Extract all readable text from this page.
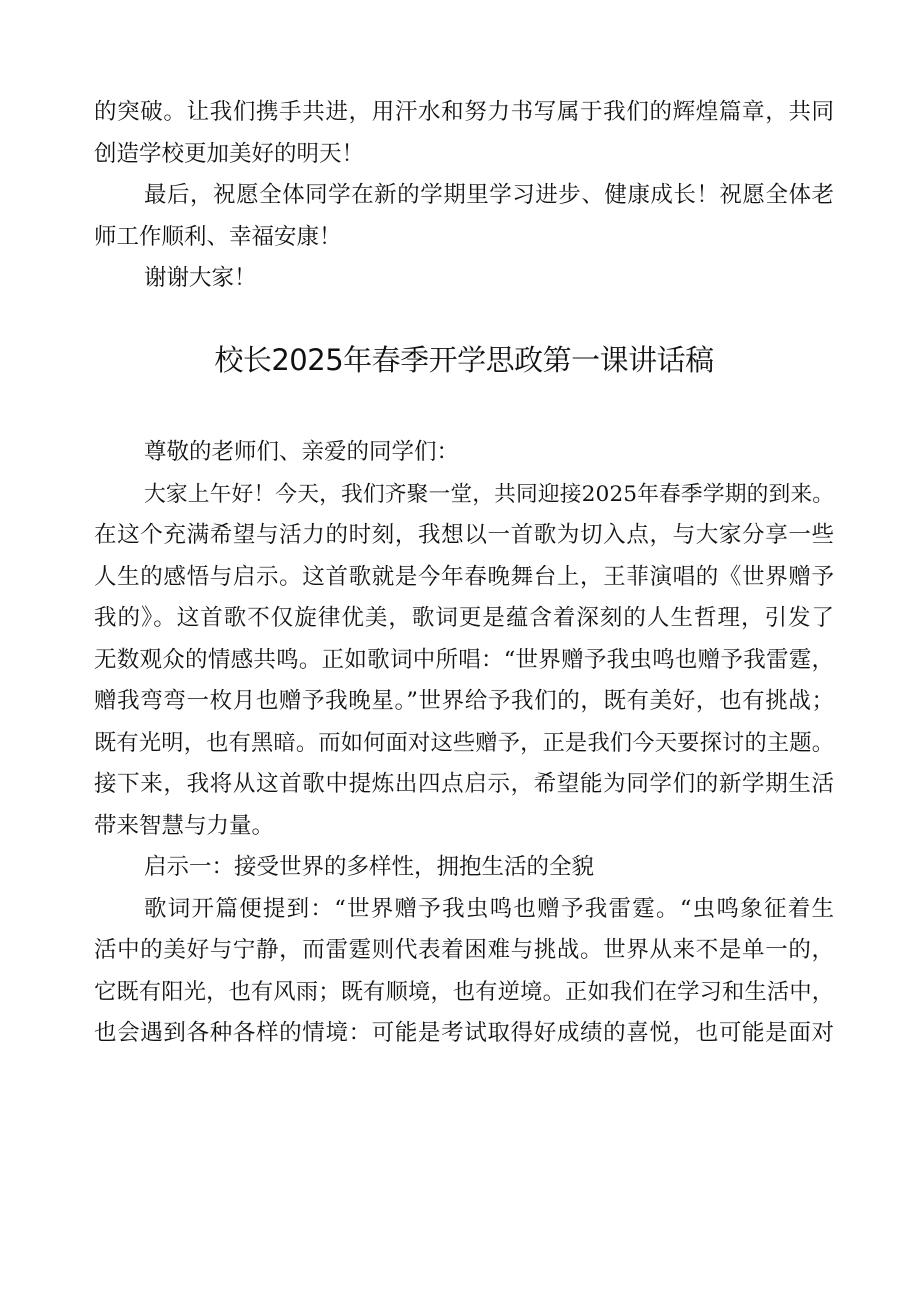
的突破。让我们携手共进，用汗水和努力书写属于我们的辉煌篇章，共同
创造学校更加美好的明天！
最后，祝愿全体同学在新的学期里学习进步、健康成长！祝愿全体老
师工作顺利、幸福安康！
谢谢大家！
校长2025年春季开学思政第一课讲话稿
尊敬的老师们、亲爱的同学们：
大家上午好！今天，我们齐聚一堂，共同迎接2025年春季学期的到来。
在这个充满希望与活力的时刻，我想以一首歌为切入点，与大家分享一些
人生的感悟与启示。这首歌就是今年春晚舞台上，王菲演唱的《世界赠予
我的》。这首歌不仅旋律优美，歌词更是蕴含着深刻的人生哲理，引发了
无数观众的情感共鸣。正如歌词中所唱：“世界赠予我虫鸣也赠予我雷霆，
赠我弯弯一枚月也赠予我晚星。”世界给予我们的，既有美好，也有挑战；
既有光明，也有黑暗。而如何面对这些赠予，正是我们今天要探讨的主题。
接下来，我将从这首歌中提炼出四点启示，希望能为同学们的新学期生活
带来智慧与力量。
启示一：接受世界的多样性，拥抱生活的全貌
歌词开篇便提到：“世界赠予我虫鸣也赠予我雷霆。“虫鸣象征着生
活中的美好与宁静，而雷霆则代表着困难与挑战。世界从来不是单一的，
它既有阳光，也有风雨；既有顺境，也有逆境。正如我们在学习和生活中，
也会遇到各种各样的情境：可能是考试取得好成绩的喜悦，也可能是面对
